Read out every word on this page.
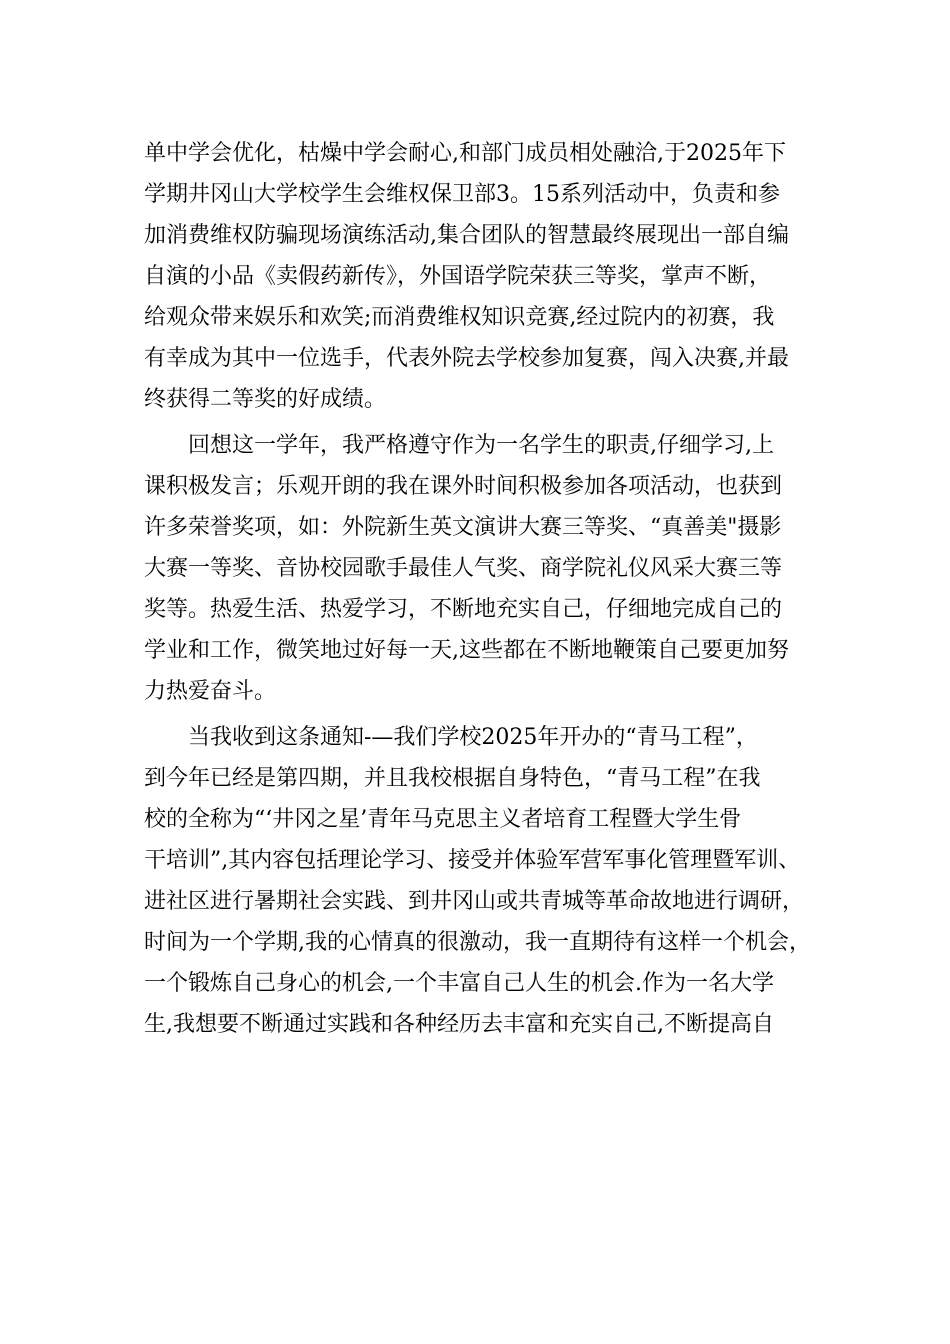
单中学会优化，枯燥中学会耐心,和部门成员相处融洽,于2025年下
学期井冈山大学校学生会维权保卫部3。15系列活动中，负责和参
加消费维权防骗现场演练活动,集合团队的智慧最终展现出一部自编
自演的小品《卖假药新传》，外国语学院荣获三等奖，掌声不断，
给观众带来娱乐和欢笑;而消费维权知识竞赛,经过院内的初赛，我
有幸成为其中一位选手，代表外院去学校参加复赛，闯入决赛,并最
终获得二等奖的好成绩。
回想这一学年，我严格遵守作为一名学生的职责,仔细学习,上
课积极发言；乐观开朗的我在课外时间积极参加各项活动，也获到
许多荣誉奖项，如：外院新生英文演讲大赛三等奖、“真善美"摄影
大赛一等奖、音协校园歌手最佳人气奖、商学院礼仪风采大赛三等
奖等。热爱生活、热爱学习，不断地充实自己，仔细地完成自己的
学业和工作，微笑地过好每一天,这些都在不断地鞭策自己要更加努
力热爱奋斗。
当我收到这条通知-—我们学校2025年开办的“青马工程”，
到今年已经是第四期，并且我校根据自身特色，“青马工程”在我
校的全称为“‘井冈之星’青年马克思主义者培育工程暨大学生骨
干培训”,其内容包括理论学习、接受并体验军营军事化管理暨军训、
进社区进行暑期社会实践、到井冈山或共青城等革命故地进行调研，
时间为一个学期,我的心情真的很激动，我一直期待有这样一个机会，
一个锻炼自己身心的机会,一个丰富自己人生的机会.作为一名大学
生,我想要不断通过实践和各种经历去丰富和充实自己,不断提高自
